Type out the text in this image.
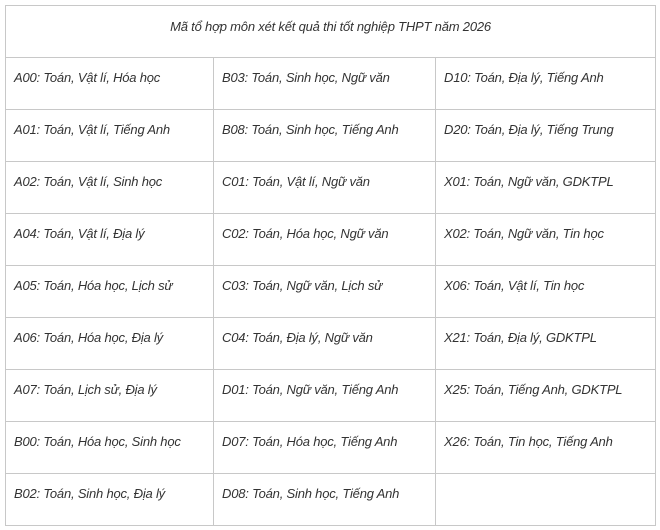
Mã tổ hợp môn xét kết quả thi tốt nghiệp THPT năm 2026		
A00: Toán, Vật lí, Hóa học	B03: Toán, Sinh học, Ngữ văn	D10: Toán, Địa lý, Tiếng Anh
A01: Toán, Vật lí, Tiếng Anh	B08: Toán, Sinh học, Tiếng Anh	D20: Toán, Địa lý, Tiếng Trung
A02: Toán, Vật lí, Sinh học	C01: Toán, Vật lí, Ngữ văn	X01: Toán, Ngữ văn, GDKTPL
A04: Toán, Vật lí, Địa lý	C02: Toán, Hóa học, Ngữ văn	X02: Toán, Ngữ văn, Tin học
A05: Toán, Hóa học, Lịch sử	C03: Toán, Ngữ văn, Lịch sử	X06: Toán, Vật lí, Tin học
A06: Toán, Hóa học, Địa lý	C04: Toán, Địa lý, Ngữ văn	X21: Toán, Địa lý, GDKTPL
A07: Toán, Lịch sử, Địa lý	D01: Toán, Ngữ văn, Tiếng Anh	X25: Toán, Tiếng Anh, GDKTPL
B00: Toán, Hóa học, Sinh học	D07: Toán, Hóa học, Tiếng Anh	X26: Toán, Tin học, Tiếng Anh
B02: Toán, Sinh học, Địa lý	D08: Toán, Sinh học, Tiếng Anh	
